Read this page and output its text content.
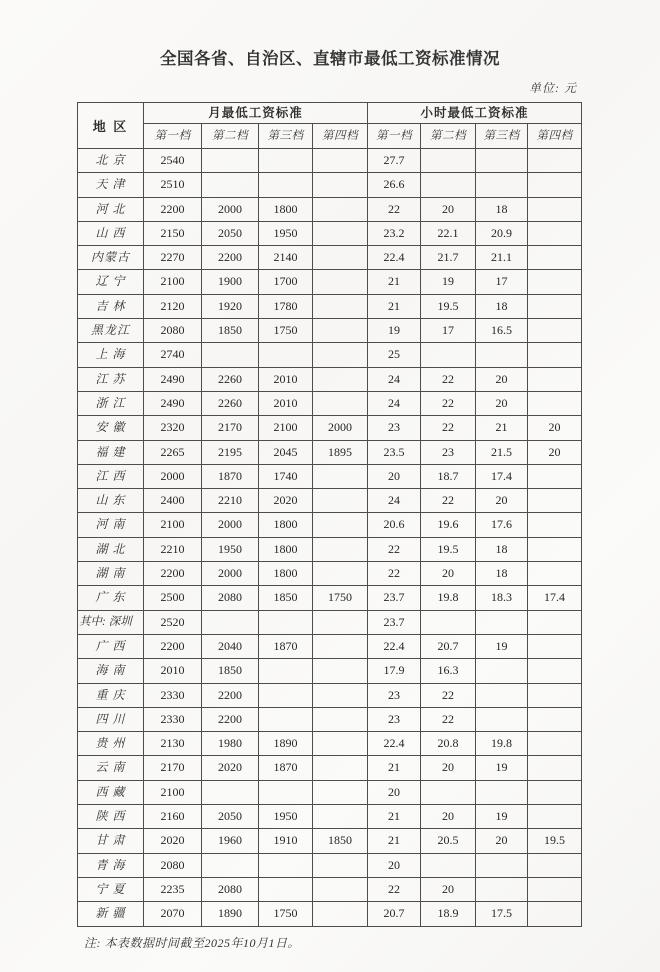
全国各省、自治区、直辖市最低工资标准情况
单位: 元
地 区	月最低工资标准				小时最低工资标准			
	第一档	第二档	第三档	第四档	第一档	第二档	第三档	第四档
北 京	2540				27.7			
天 津	2510				26.6			
河 北	2200	2000	1800		22	20	18	
山 西	2150	2050	1950		23.2	22.1	20.9	
内蒙古	2270	2200	2140		22.4	21.7	21.1	
辽 宁	2100	1900	1700		21	19	17	
吉 林	2120	1920	1780		21	19.5	18	
黑龙江	2080	1850	1750		19	17	16.5	
上 海	2740				25			
江 苏	2490	2260	2010		24	22	20	
浙 江	2490	2260	2010		24	22	20	
安 徽	2320	2170	2100	2000	23	22	21	20
福 建	2265	2195	2045	1895	23.5	23	21.5	20
江 西	2000	1870	1740		20	18.7	17.4	
山 东	2400	2210	2020		24	22	20	
河 南	2100	2000	1800		20.6	19.6	17.6	
湖 北	2210	1950	1800		22	19.5	18	
湖 南	2200	2000	1800		22	20	18	
广 东	2500	2080	1850	1750	23.7	19.8	18.3	17.4
其中: 深圳	2520				23.7			
广 西	2200	2040	1870		22.4	20.7	19	
海 南	2010	1850			17.9	16.3		
重 庆	2330	2200			23	22		
四 川	2330	2200			23	22		
贵 州	2130	1980	1890		22.4	20.8	19.8	
云 南	2170	2020	1870		21	20	19	
西 藏	2100				20			
陕 西	2160	2050	1950		21	20	19	
甘 肃	2020	1960	1910	1850	21	20.5	20	19.5
青 海	2080				20			
宁 夏	2235	2080			22	20		
新 疆	2070	1890	1750		20.7	18.9	17.5	
注: 本表数据时间截至2025年10月1日。
